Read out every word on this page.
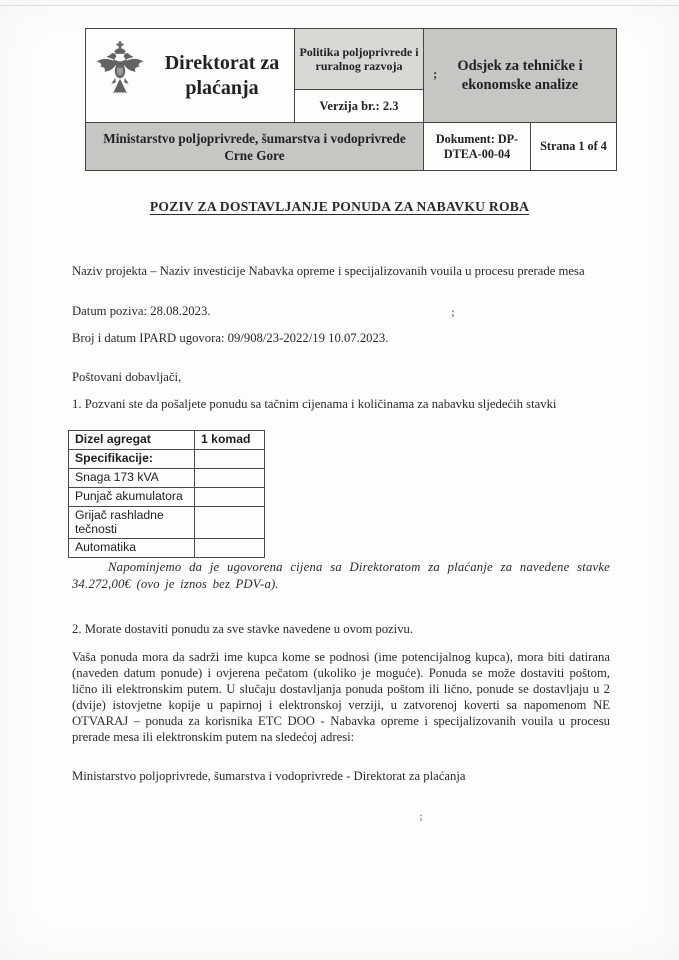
Direktorat za plaćanja	Politika poljoprivrede i ruralnog razvoja	; Odsjek za tehničke i ekonomske analize	
	Verzija br.: 2.3		
Ministarstvo poljoprivrede, šumarstva i vodoprivrede Crne Gore		Dokument: DP-DTEA-00-04	Strana 1 of 4
POZIV ZA DOSTAVLJANJE PONUDA ZA NABAVKU ROBA
Naziv projekta – Naziv investicije Nabavka opreme i specijalizovanih vouila u procesu prerade mesa
Datum poziva: 28.08.2023.
Broj i datum IPARD ugovora: 09/908/23-2022/19 10.07.2023.
Poštovani dobavljači,
1. Pozvani ste da pošaljete ponudu sa tačnim cijenama i količinama za nabavku sljedećih stavki
Dizel agregat	1 komad
Specifikacije:	
Snaga 173 kVA	
Punjač akumulatora	
Grijač rashladne tečnosti	
Automatika	
Napominjemo da je ugovorena cijena sa Direktoratom za plaćanje za navedene stavke 34.272,00€ (ovo je iznos bez PDV-a).
2. Morate dostaviti ponudu za sve stavke navedene u ovom pozivu.
Vaša ponuda mora da sadrži ime kupca kome se podnosi (ime potencijalnog kupca), mora biti datirana (naveden datum ponude) i ovjerena pečatom (ukoliko je moguće). Ponuda se može dostaviti poštom, lično ili elektronskim putem. U slučaju dostavljanja ponuda poštom ili lično, ponude se dostavljaju u 2 (dvije) istovjetne kopije u papirnoj i elektronskoj verziji, u zatvorenoj koverti sa napomenom NE OTVARAJ – ponuda za korisnika ETC DOO - Nabavka opreme i specijalizovanih vouila u procesu prerade mesa ili elektronskim putem na sledećoj adresi:
Ministarstvo poljoprivrede, šumarstva i vodoprivrede - Direktorat za plaćanja
;
;
